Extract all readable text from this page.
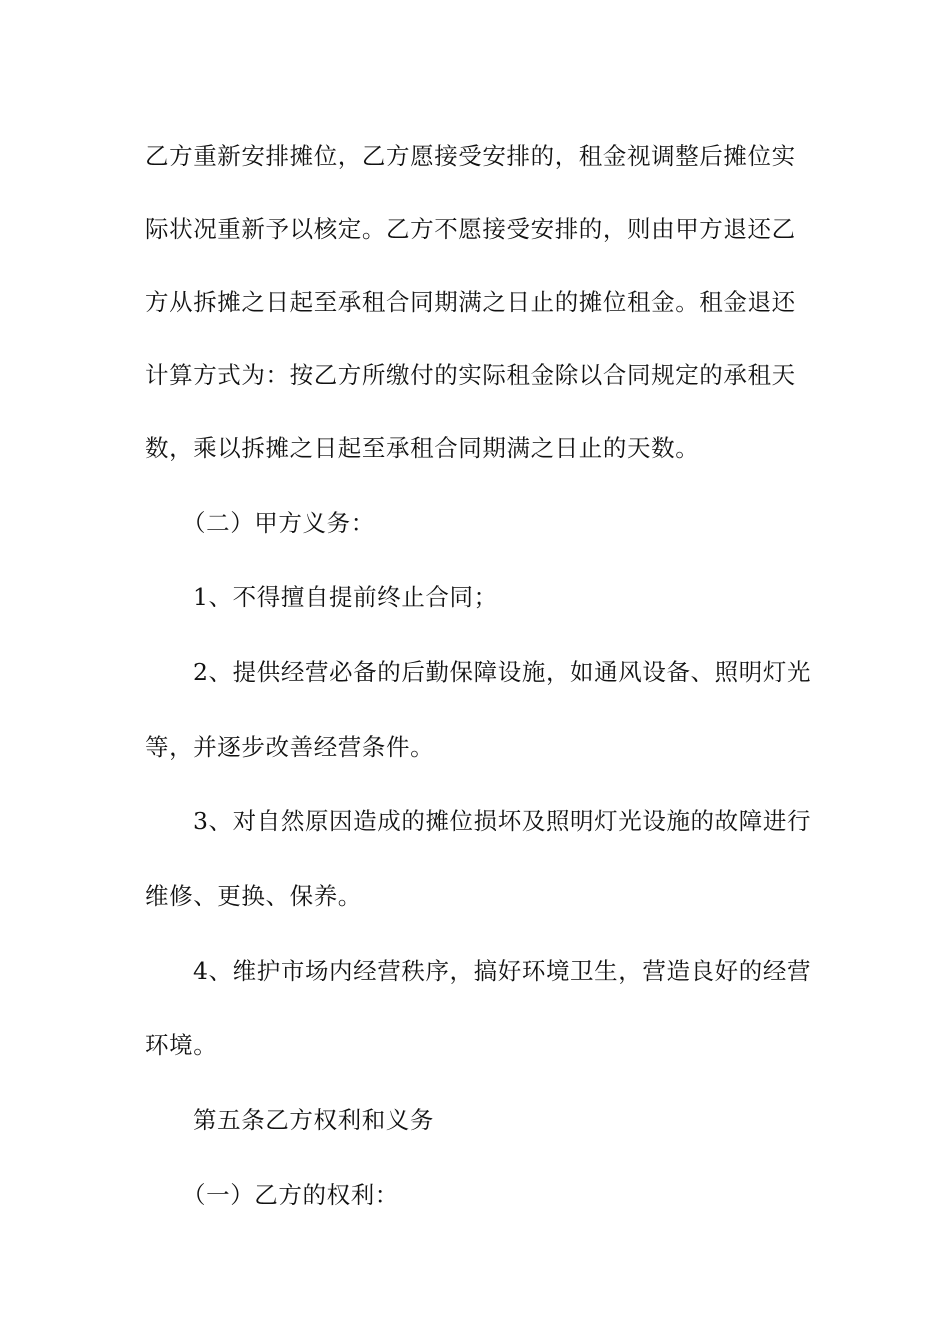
乙方重新安排摊位，乙方愿接受安排的，租金视调整后摊位实
际状况重新予以核定。乙方不愿接受安排的，则由甲方退还乙
方从拆摊之日起至承租合同期满之日止的摊位租金。租金退还
计算方式为：按乙方所缴付的实际租金除以合同规定的承租天
数，乘以拆摊之日起至承租合同期满之日止的天数。
（二）甲方义务：
1、不得擅自提前终止合同；
2、提供经营必备的后勤保障设施，如通风设备、照明灯光
等，并逐步改善经营条件。
3、对自然原因造成的摊位损坏及照明灯光设施的故障进行
维修、更换、保养。
4、维护市场内经营秩序，搞好环境卫生，营造良好的经营
环境。
第五条乙方权利和义务
（一）乙方的权利：
